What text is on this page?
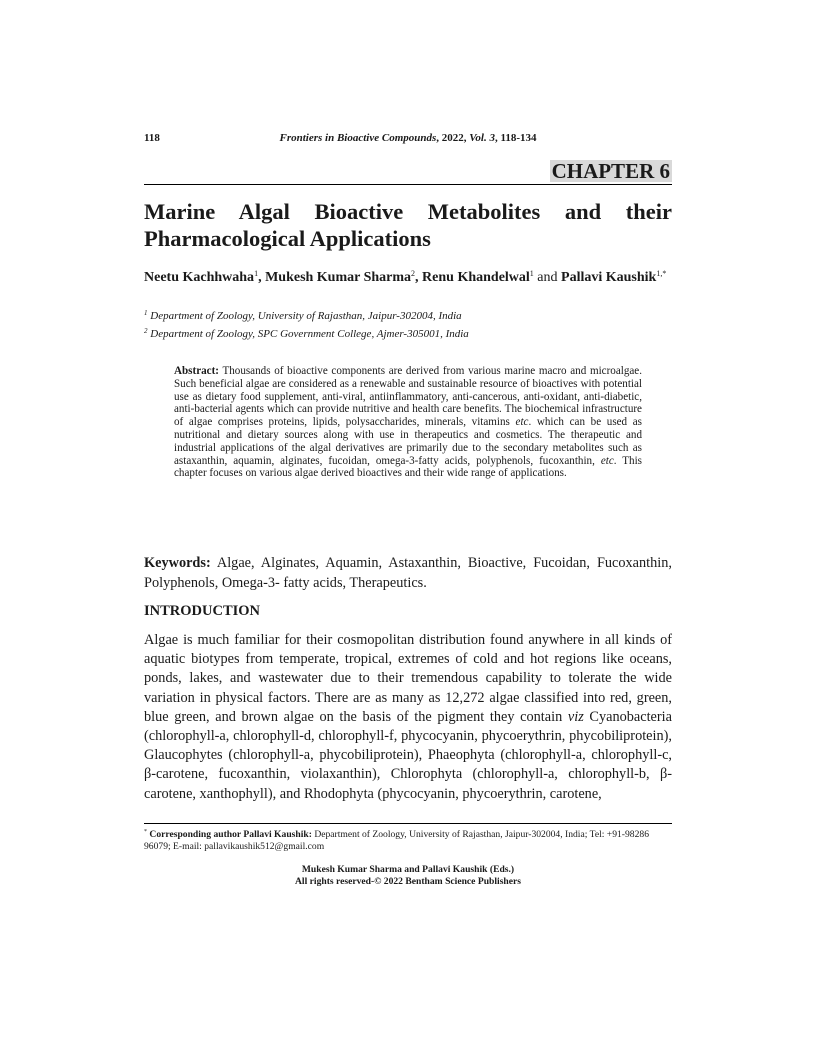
118	Frontiers in Bioactive Compounds, 2022, Vol. 3, 118-134
CHAPTER 6
Marine Algal Bioactive Metabolites and their Pharmacological Applications
Neetu Kachhwaha$^1$, Mukesh Kumar Sharma$^2$, Renu Khandelwal$^1$ and Pallavi Kaushik$^{1,*}$
$^1$ Department of Zoology, University of Rajasthan, Jaipur-302004, India
$^2$ Department of Zoology, SPC Government College, Ajmer-305001, India
Abstract: Thousands of bioactive components are derived from various marine macro and microalgae. Such beneficial algae are considered as a renewable and sustainable resource of bioactives with potential use as dietary food supplement, anti-viral, antiinflammatory, anti-cancerous, anti-oxidant, anti-diabetic, anti-bacterial agents which can provide nutritive and health care benefits. The biochemical infrastructure of algae comprises proteins, lipids, polysaccharides, minerals, vitamins etc. which can be used as nutritional and dietary sources along with use in therapeutics and cosmetics. The therapeutic and industrial applications of the algal derivatives are primarily due to the secondary metabolites such as astaxanthin, aquamin, alginates, fucoidan, omega-3-fatty acids, polyphenols, fucoxanthin, etc. This chapter focuses on various algae derived bioactives and their wide range of applications.
Keywords: Algae, Alginates, Aquamin, Astaxanthin, Bioactive, Fucoidan, Fucoxanthin, Polyphenols, Omega-3- fatty acids, Therapeutics.
INTRODUCTION
Algae is much familiar for their cosmopolitan distribution found anywhere in all kinds of aquatic biotypes from temperate, tropical, extremes of cold and hot regions like oceans, ponds, lakes, and wastewater due to their tremendous capability to tolerate the wide variation in physical factors. There are as many as 12,272 algae classified into red, green, blue green, and brown algae on the basis of the pigment they contain viz Cyanobacteria (chlorophyll-a, chlorophyll-d, chlorophyll-f, phycocyanin, phycoerythrin, phycobiliprotein), Glaucophytes (chlorophyll-a, phycobiliprotein), Phaeophyta (chlorophyll-a, chlorophyll-c, β-carotene, fucoxanthin, violaxanthin), Chlorophyta (chlorophyll-a, chlorophyll-b, β-carotene, xanthophyll), and Rhodophyta (phycocyanin, phycoerythrin, carotene,
* Corresponding author Pallavi Kaushik: Department of Zoology, University of Rajasthan, Jaipur-302004, India; Tel: +91-98286 96079; E-mail: pallavikaushik512@gmail.com
Mukesh Kumar Sharma and Pallavi Kaushik (Eds.)
All rights reserved-© 2022 Bentham Science Publishers
